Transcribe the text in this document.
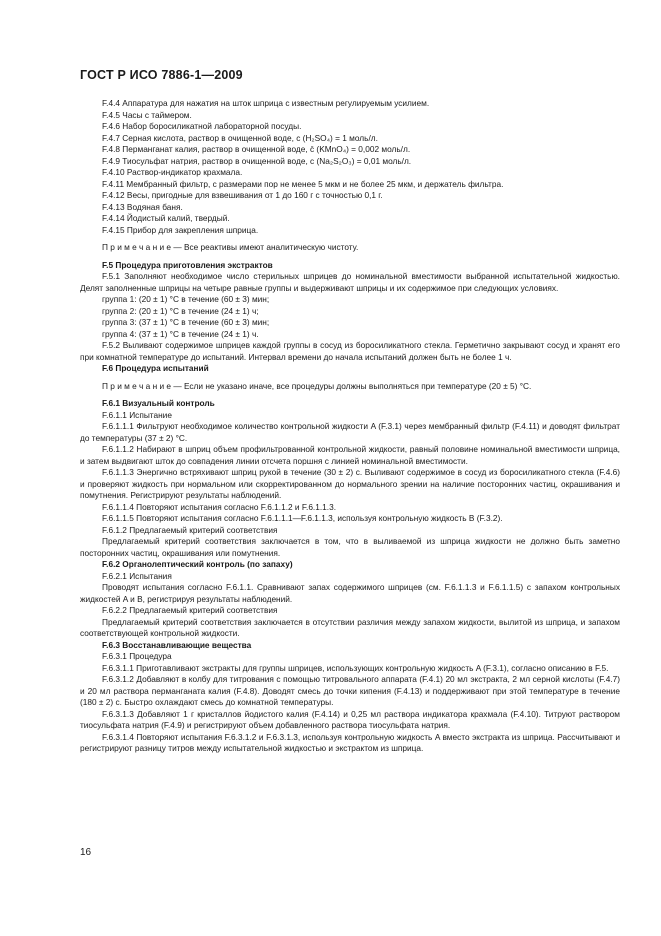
ГОСТ Р ИСО 7886-1—2009

F.4.4 Аппаратура для нажатия на шток шприца с известным регулируемым усилием.

F.4.5 Часы с таймером.

F.4.6 Набор боросиликатной лабораторной посуды.

F.4.7 Серная кислота, раствор в очищенной воде, c (H₂SO₄) = 1 моль/л.

F.4.8 Перманганат калия, раствор в очищенной воде, c̄ (KMnO₄) = 0,002 моль/л.

F.4.9 Тиосульфат натрия, раствор в очищенной воде, c (Na₂S₂O₃) = 0,01 моль/л.

F.4.10 Раствор-индикатор крахмала.

F.4.11 Мембранный фильтр, с размерами пор не менее 5 мкм и не более 25 мкм, и держатель фильтра.

F.4.12 Весы, пригодные для взвешивания от 1 до 160 г с точностью 0,1 г.

F.4.13 Водяная баня.

F.4.14 Йодистый калий, твердый.

F.4.15 Прибор для закрепления шприца.

П р и м е ч а н и е — Все реактивы имеют аналитическую чистоту.

F.5 Процедура приготовления экстрактов

F.5.1 Заполняют необходимое число стерильных шприцев до номинальной вместимости выбранной испытательной жидкостью. Делят заполненные шприцы на четыре равные группы и выдерживают шприцы и их содержимое при следующих условиях.

группа 1: (20 ± 1) °С в течение (60 ± 3) мин;

группа 2: (20 ± 1) °С в течение (24 ± 1) ч;

группа 3: (37 ± 1) °С в течение (60 ± 3) мин;

группа 4: (37 ± 1) °С в течение (24 ± 1) ч.

F.5.2 Выливают содержимое шприцев каждой группы в сосуд из боросиликатного стекла. Герметично закрывают сосуд и хранят его при комнатной температуре до испытаний. Интервал времени до начала испытаний должен быть не более 1 ч.

F.6 Процедура испытаний

П р и м е ч а н и е — Если не указано иначе, все процедуры должны выполняться при температуре (20 ± 5) °С.

F.6.1 Визуальный контроль

F.6.1.1 Испытание

F.6.1.1.1 Фильтруют необходимое количество контрольной жидкости A (F.3.1) через мембранный фильтр (F.4.11) и доводят фильтрат до температуры (37 ± 2) °С.

F.6.1.1.2 Набирают в шприц объем профильтрованной контрольной жидкости, равный половине номинальной вместимости шприца, и затем выдвигают шток до совпадения линии отсчета поршня с линией номинальной вместимости.

F.6.1.1.3 Энергично встряхивают шприц рукой в течение (30 ± 2) с. Выливают содержимое в сосуд из боросиликатного стекла (F.4.6) и проверяют жидкость при нормальном или скорректированном до нормального зрении на наличие посторонних частиц, окрашивания и помутнения. Регистрируют результаты наблюдений.

F.6.1.1.4 Повторяют испытания согласно F.6.1.1.2 и F.6.1.1.3.

F.6.1.1.5 Повторяют испытания согласно F.6.1.1.1—F.6.1.1.3, используя контрольную жидкость B (F.3.2).

F.6.1.2 Предлагаемый критерий соответствия

Предлагаемый критерий соответствия заключается в том, что в выливаемой из шприца жидкости не должно быть заметно посторонних частиц, окрашивания или помутнения.

F.6.2 Органолептический контроль (по запаху)

F.6.2.1 Испытания

Проводят испытания согласно F.6.1.1. Сравнивают запах содержимого шприцев (см. F.6.1.1.3 и F.6.1.1.5) с запахом контрольных жидкостей A и B, регистрируя результаты наблюдений.

F.6.2.2 Предлагаемый критерий соответствия

Предлагаемый критерий соответствия заключается в отсутствии различия между запахом жидкости, вылитой из шприца, и запахом соответствующей контрольной жидкости.

F.6.3 Восстанавливающие вещества

F.6.3.1 Процедура

F.6.3.1.1 Приготавливают экстракты для группы шприцев, использующих контрольную жидкость A (F.3.1), согласно описанию в F.5.

F.6.3.1.2 Добавляют в колбу для титрования с помощью титровального аппарата (F.4.1) 20 мл экстракта, 2 мл серной кислоты (F.4.7) и 20 мл раствора перманганата калия (F.4.8). Доводят смесь до точки кипения (F.4.13) и поддерживают при этой температуре в течение (180 ± 2) с. Быстро охлаждают смесь до комнатной температуры.

F.6.3.1.3 Добавляют 1 г кристаллов йодистого калия (F.4.14) и 0,25 мл раствора индикатора крахмала (F.4.10). Титруют раствором тиосульфата натрия (F.4.9) и регистрируют объем добавленного раствора тиосульфата натрия.

F.6.3.1.4 Повторяют испытания F.6.3.1.2 и F.6.3.1.3, используя контрольную жидкость A вместо экстракта из шприца. Рассчитывают и регистрируют разницу титров между испытательной жидкостью и экстрактом из шприца.

16
